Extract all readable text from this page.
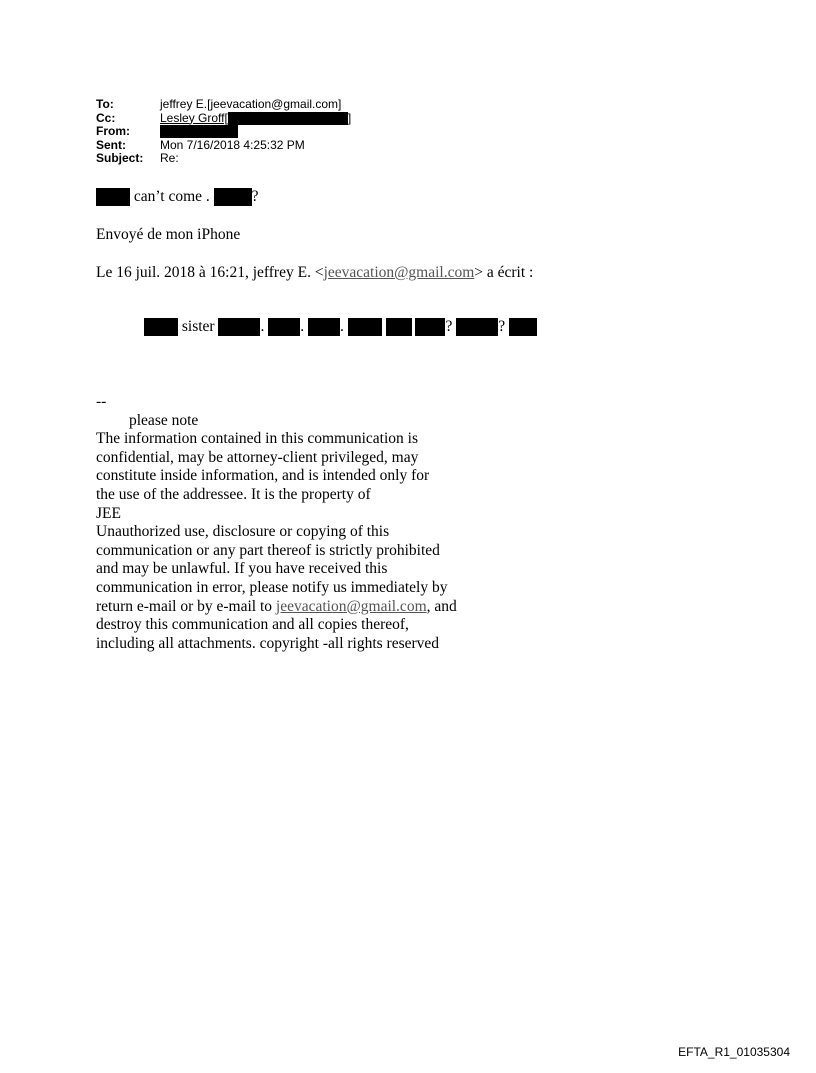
To:	jeffrey E.[jeevacation@gmail.com]
Cc:	Lesley Groff[	]
From:
Sent:	Mon 7/16/2018 4:25:32 PM
Subject:	Re:
can’t come .	?
Envoyé de mon iPhone
Le 16 juil. 2018 à 16:21, jeffrey E. <jeevacation@gmail.com> a écrit :
sister	. . .	?	?
--
please note
The information contained in this communication is
confidential, may be attorney-client privileged, may
constitute inside information, and is intended only for
the use of the addressee. It is the property of
JEE
Unauthorized use, disclosure or copying of this
communication or any part thereof is strictly prohibited
and may be unlawful. If you have received this
communication in error, please notify us immediately by
return e-mail or by e-mail to jeevacation@gmail.com, and
destroy this communication and all copies thereof,
including all attachments. copyright -all rights reserved
EFTA_R1_01035304
